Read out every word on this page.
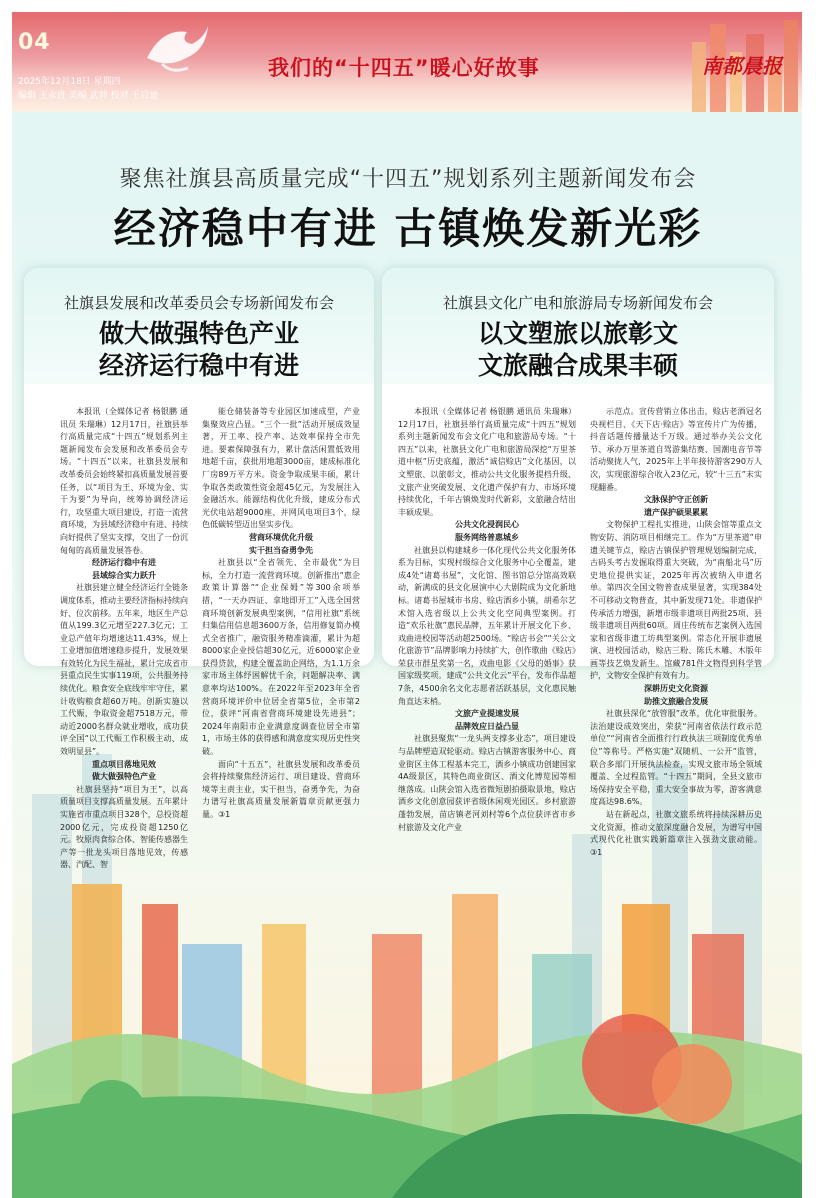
04
2025年12月18日 星期四
编辑 王永进 美编 武帅 校对 王启迪
我们的“十四五”暖心好故事	南都晨报
聚焦社旗县高质量完成“十四五”规划系列主题新闻发布会
经济稳中有进 古镇焕发新光彩
社旗县发展和改革委员会专场新闻发布会
做大做强特色产业
经济运行稳中有进
社旗县文化广电和旅游局专场新闻发布会
以文塑旅以旅彰文
文旅融合成果丰硕

本报讯（全媒体记者 杨银鹏 通讯员 朱瑞琳）12月17日，社旗县举行高质量完成“十四五”规划系列主题新闻发布会发展和改革委员会专场。“十四五”以来，社旗县发展和改革委员会始终紧扣高质量发展首要任务，以“项目为王、环境为金、实干为要”为导向，统筹协调经济运行，攻坚重大项目建设，打造一流营商环境，为县域经济稳中有进、持续向好提供了坚实支撑，交出了一份沉甸甸的高质量发展答卷。

经济运行稳中有进

县域综合实力跃升

社旗县建立健全经济运行全链条调度体系，推动主要经济指标持续向好、位次前移。五年来，地区生产总值从199.3亿元增至227.3亿元；工业总产值年均增速达11.43%，规上工业增加值增速稳步提升，发展效果有效转化为民生福祉，累计完成省市县重点民生实事119项，公共服务持续优化。粮食安全底线牢牢守住，累计收购粮食超60万吨。创新实施以工代赈，争取资金超7518万元，带动近2000名群众就业增收，成功获评全国“以工代赈工作积极主动、成效明显县”。

重点项目落地见效

做大做强特色产业

社旗县坚持“项目为王”，以高质量项目支撑高质量发展。五年累计实施省市重点项目328个，总投资超2000亿元，完成投资超1250亿元。牧原肉食综合体、智能传感器生产等一批龙头项目落地见效，传感器、汽配、智

能仓储装备等专业园区加速成型，产业集聚效应凸显。“三个一批”活动开展成效显著，开工率、投产率、达效率保持全市先进。要素保障强有力，累计盘活闲置低效用地超千亩，获批用地超3000亩，建成标准化厂房89万平方米。资金争取成果丰硕，累计争取各类政策性资金超45亿元，为发展注入金融活水。能源结构优化升级，建成分布式光伏电站超9000座、并网风电项目3个，绿色低碳转型迈出坚实步伐。

营商环境优化升级

实干担当奋勇争先

社旗县以“全省领先、全市最优”为目标，全力打造一流营商环境。创新推出“惠企政策计算器”“企业保姆”等300余项举措，“一天办四证、拿地即开工”入选全国营商环境创新发展典型案例，“信用社旗”系统归集信用信息超3600万条，信用修复简办模式全省推广，融资服务精准滴灌，累计为超8000家企业授信超30亿元，近6000家企业获得贷款，构建全覆盖助企网络，为1.1万余家市场主体纾困解忧千余，问题解决率、满意率均达100%。在2022年至2023年全省营商环境评价中位居全省第5位，全市第2位，获评“河南省营商环境建设先进县”；2024年南阳市企业满意度调查位居全市第1，市场主体的获得感和满意度实现历史性突破。

面向“十五五”，社旗县发展和改革委员会将持续聚焦经济运行、项目建设、营商环境等主责主业，实干担当，奋勇争先，为奋力谱写社旗高质量发展新篇章贡献更强力量。③1

本报讯（全媒体记者 杨银鹏 通讯员 朱瑞琳）12月17日，社旗县举行高质量完成“十四五”规划系列主题新闻发布会文化广电和旅游局专场。“十四五”以来，社旗县文化广电和旅游局深挖“万里茶道中枢”历史底蕴，激活“诚信赊店”文化基因，以文塑旅、以旅彰文，推动公共文化服务提档升级、文旅产业突破发展、文化遗产保护有力、市场环境持续优化，千年古镇焕发时代新彩，文旅融合结出丰硕成果。

公共文化浸润民心

服务网络普惠城乡

社旗县以构建城乡一体化现代公共文化服务体系为目标，实现村级综合文化服务中心全覆盖，建成4处“诸葛书屋”，文化馆、图书馆总分馆高效联动，新满成的县文化展演中心大剧院成为文化新地标。诸葛书屋城市书房、赊店酒乡小镇，胡希尔艺术馆入选省级以上公共文化空间典型案例。打造“欢乐社旗”惠民品牌，五年累计开展文化下乡、戏曲进校园等活动超2500场。“赊店书会”“关公文化旅游节”品牌影响力持续扩大，创作歌曲《赊店》荣获市群星奖第一名，戏曲电影《父母的婚事》获国家级奖项。建成“公共文化云”平台，发布作品超7条，4500余名文化志愿者活跃基层，文化惠民触角直达末梢。

文旅产业提速发展

品牌效应日益凸显

社旗县聚焦“一龙头两支撑多业态”，项目建设与品牌塑造双轮驱动。赊店古镇游客服务中心、商业街区主体工程基本完工，酒乡小镇成功创建国家4A级景区，其特色商业街区、酒文化博览园等相继落成。山陕会馆入选省微短剧拍摄取景地，赊店酒乡文化创意园获评省级休闲观光园区。乡村旅游蓬勃发展，苗店镇老河刘村等6个点位获评省市乡村旅游及文化产业

示范点。宣传营销立体出击，赊店老酒冠名央视栏目、《天下店·赊店》等宣传片广为传播，抖音话题传播量达千万级。通过举办关公文化节、承办万里茶道自驾游集结赛、国潮电音节等活动聚拢人气，2025年上半年接待游客290万人次，实现旅游综合收入23亿元，较“十三五”末实现翻番。

文脉保护守正创新

遗产保护硕果累累

文物保护工程扎实推进，山陕会馆等重点文物安防、消防项目相继完工。作为“万里茶道”申遗关键节点，赊店古镇保护管理规划编制完成，古码头考古发掘取得重大突破，为“南船北马”历史地位提供实证，2025年再次被纳入申遗名单。第四次全国文物普查成果显著，实现384处不可移动文物普查，其中新发现71处。非遗保护传承活力增强，新增市级非遗项目两批25项、县级非遗项目两批60项。周庄传统布艺案例入选国家和省级非遗工坊典型案例。常态化开展非遗展演、进校园活动，赊店三粉、陈氏木雕、木版年画等技艺焕发新生。馆藏781件文物得到科学管护，文物安全保护有效有力。

深耕历史文化资源

助推文旅融合发展

社旗县深化“放管服”改革，优化审批服务。法治建设成效突出，荣获“河南省依法行政示范单位”“河南省全面推行行政执法三项制度优秀单位”等称号。严格实施“双随机、一公开”监管，联合多部门开展执法检查，实现文旅市场全领域覆盖、全过程监管。“十四五”期间，全县文旅市场保持安全平稳，重大安全事故为零，游客满意度高达98.6%。

站在新起点，社旗文旅系统将持续深耕历史文化资源，推动文旅深度融合发展，为谱写中国式现代化社旗实践新篇章注入强劲文旅动能。③1
